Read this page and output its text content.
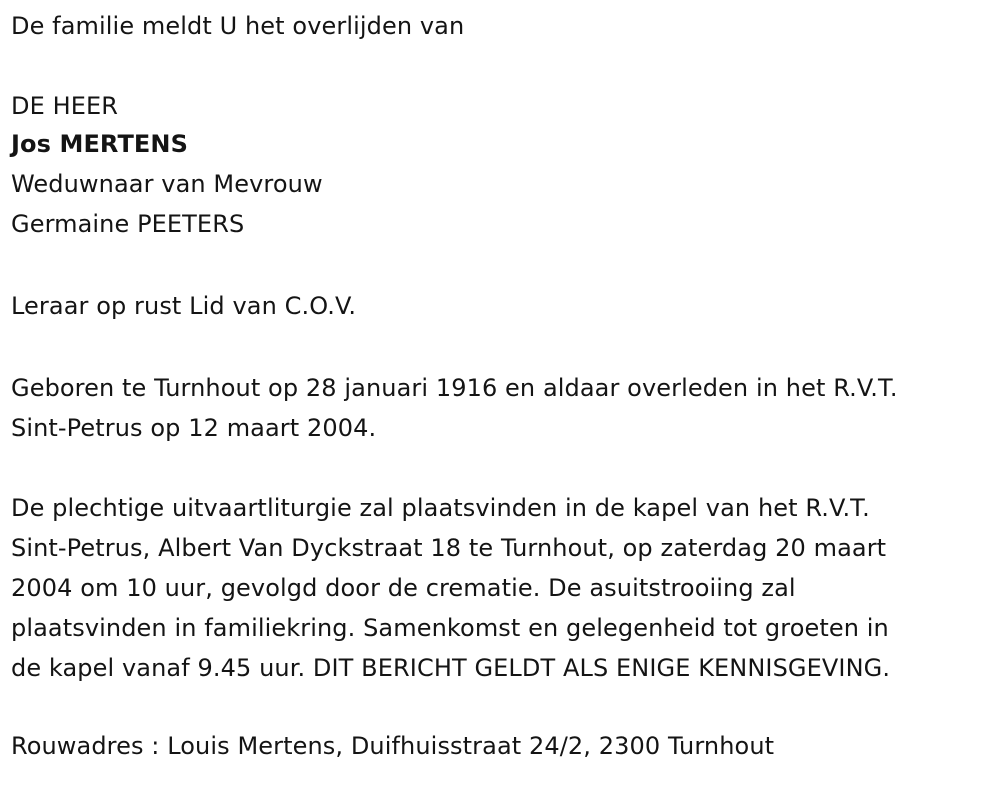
De familie meldt U het overlijden van
DE HEER
Jos MERTENS
Weduwnaar van Mevrouw
Germaine PEETERS
Leraar op rust Lid van C.O.V.
Geboren te Turnhout op 28 januari 1916 en aldaar overleden in het R.V.T.
Sint-Petrus op 12 maart 2004.
De plechtige uitvaartliturgie zal plaatsvinden in de kapel van het R.V.T.
Sint-Petrus, Albert Van Dyckstraat 18 te Turnhout, op zaterdag 20 maart
2004 om 10 uur, gevolgd door de crematie. De asuitstrooiing zal
plaatsvinden in familiekring. Samenkomst en gelegenheid tot groeten in
de kapel vanaf 9.45 uur. DIT BERICHT GELDT ALS ENIGE KENNISGEVING.
Rouwadres : Louis Mertens, Duifhuisstraat 24/2, 2300 Turnhout
